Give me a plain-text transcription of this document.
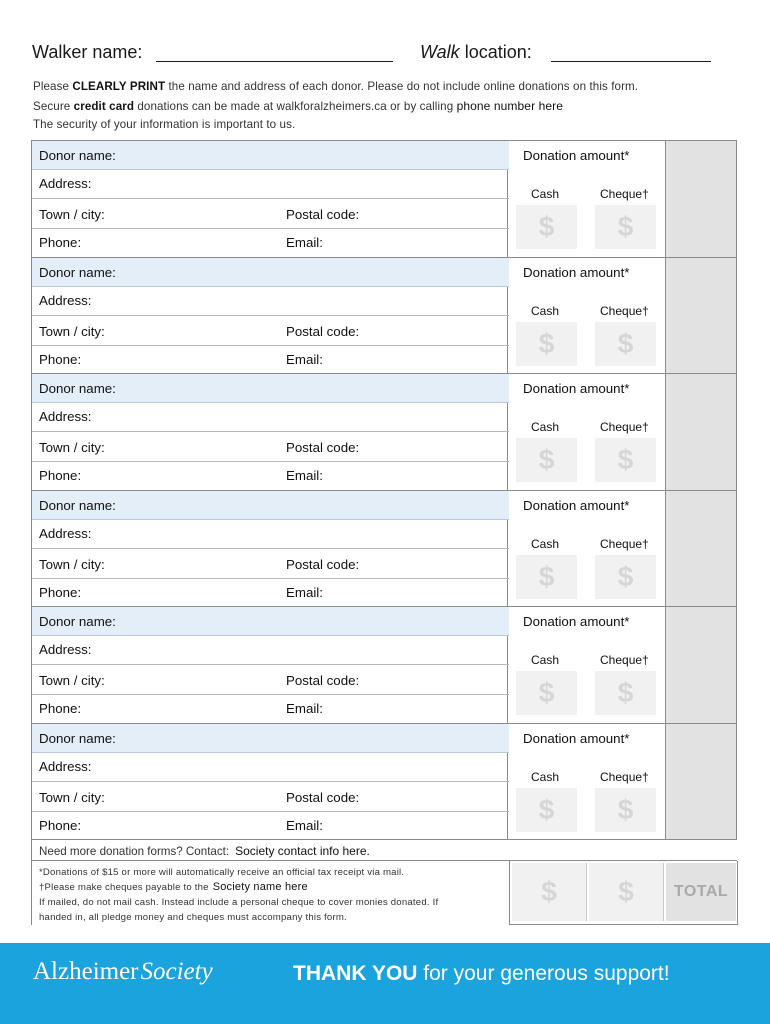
Walker name:	Walk location:
Please CLEARLY PRINT the name and address of each donor. Please do not include online donations on this form.
Secure credit card donations can be made at walkforalzheimers.ca or by calling phone number here
The security of your information is important to us.
Donor name:
Address:
Town / city:	Postal code:
Phone:	Email:
Donation amount*
Cash	Cheque†
$	$
Donor name:
Address:
Town / city:	Postal code:
Phone:	Email:
Donation amount*
Cash	Cheque†
$	$
Donor name:
Address:
Town / city:	Postal code:
Phone:	Email:
Donation amount*
Cash	Cheque†
$	$
Donor name:
Address:
Town / city:	Postal code:
Phone:	Email:
Donation amount*
Cash	Cheque†
$	$
Donor name:
Address:
Town / city:	Postal code:
Phone:	Email:
Donation amount*
Cash	Cheque†
$	$
Donor name:
Address:
Town / city:	Postal code:
Phone:	Email:
Donation amount*
Cash	Cheque†
$	$
Need more donation forms? Contact: Society contact info here.
*Donations of $15 or more will automatically receive an official tax receipt via mail.
†Please make cheques payable to the Society name here
If mailed, do not mail cash. Instead include a personal cheque to cover monies donated. If
handed in, all pledge money and cheques must accompany this form.
$	$	TOTAL
AlzheimerSociety	THANK YOU for your generous support!
